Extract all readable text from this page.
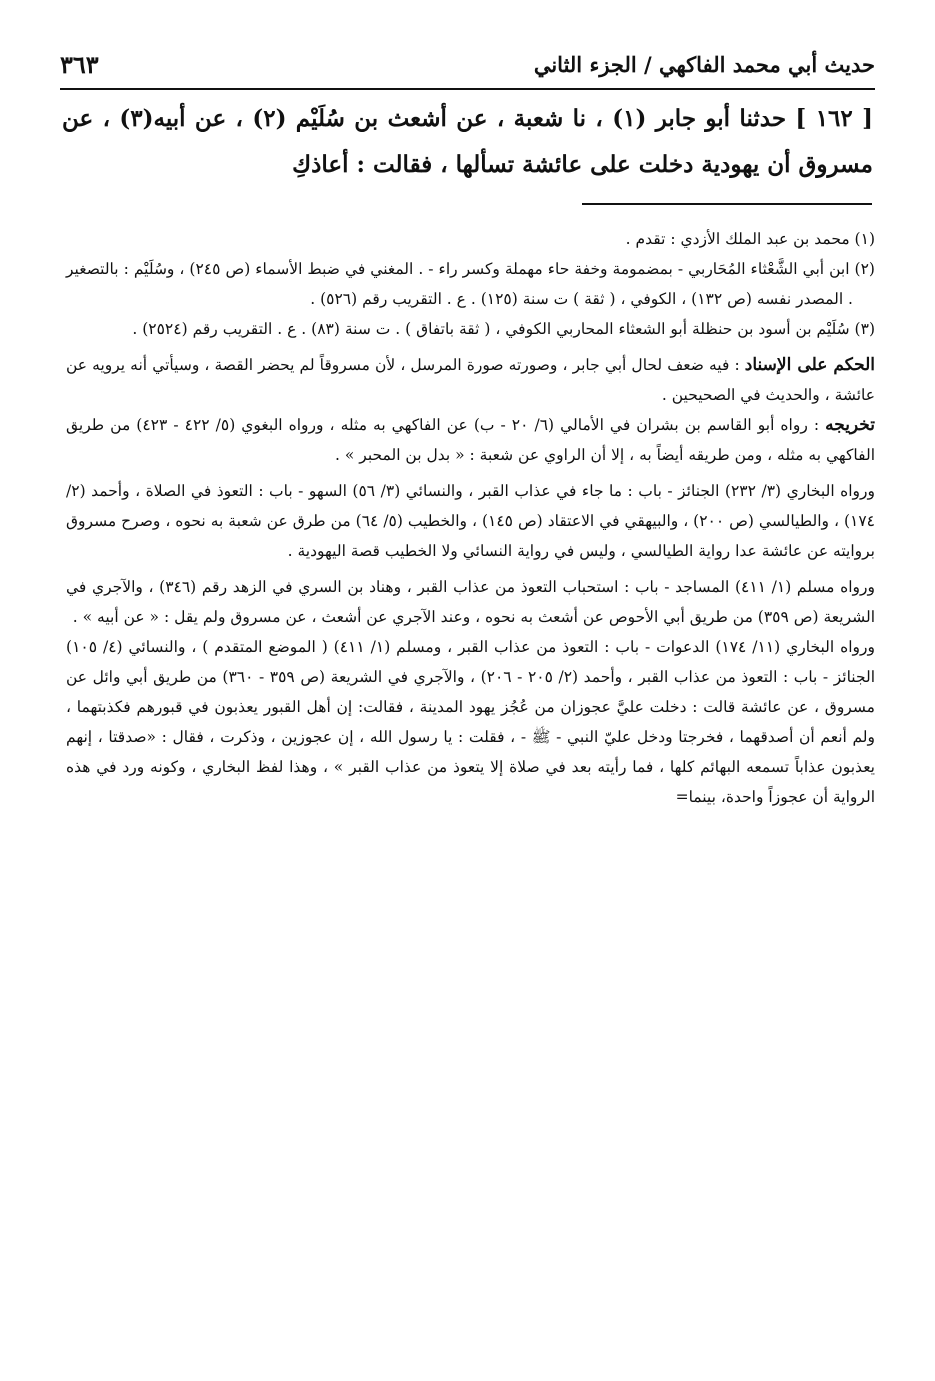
حديث أبي محمد الفاكهي / الجزء الثاني
٣٦٣

[ ١٦٢ ] حدثنا أبو جابر (١) ، نا شعبة ، عن أشعث بن سُلَيْم (٢) ، عن أبيه(٣) ، عن مسروق أن يهودية دخلت على عائشة تسألها ، فقالت : أعاذكِ

(١) محمد بن عبد الملك الأزدي : تقدم .

(٢) ابن أبي الشَّعْثاء المُحَاربي - بمضمومة وخفة حاء مهملة وكسر راء - . المغني في ضبط الأسماء (ص ٢٤٥) ، وسُلَيْم : بالتصغير . المصدر نفسه (ص ١٣٢) ، الكوفي ، ( ثقة ) ت سنة (١٢٥) . ع . التقريب رقم (٥٢٦) .

(٣) سُلَيْم بن أسود بن حنظلة أبو الشعثاء المحاربي الكوفي ، ( ثقة باتفاق ) . ت سنة (٨٣) . ع . التقريب رقم (٢٥٢٤) .

الحكم على الإسناد : فيه ضعف لحال أبي جابر ، وصورته صورة المرسل ، لأن مسروقاً لم يحضر القصة ، وسيأتي أنه يرويه عن عائشة ، والحديث في الصحيحين .

تخريجه : رواه أبو القاسم بن بشران في الأمالي (٦/ ٢٠ - ب) عن الفاكهي به مثله ، ورواه البغوي (٥/ ٤٢٢ - ٤٢٣) من طريق الفاكهي به مثله ، ومن طريقه أيضاً به ، إلا أن الراوي عن شعبة : « بدل بن المحبر » .

ورواه البخاري (٣/ ٢٣٢) الجنائز - باب : ما جاء في عذاب القبر ، والنسائي (٣/ ٥٦) السهو - باب : التعوذ في الصلاة ، وأحمد (٢/ ١٧٤) ، والطيالسي (ص ٢٠٠) ، والبيهقي في الاعتقاد (ص ١٤٥) ، والخطيب (٥/ ٦٤) من طرق عن شعبة به نحوه ، وصرح مسروق بروايته عن عائشة عدا رواية الطيالسي ، وليس في رواية النسائي ولا الخطيب قصة اليهودية .

ورواه مسلم (١/ ٤١١) المساجد - باب : استحباب التعوذ من عذاب القبر ، وهناد بن السري في الزهد رقم (٣٤٦) ، والآجري في الشريعة (ص ٣٥٩) من طريق أبي الأحوص عن أشعث به نحوه ، وعند الآجري عن أشعث ، عن مسروق ولم يقل : « عن أبيه » .

ورواه البخاري (١١/ ١٧٤) الدعوات - باب : التعوذ من عذاب القبر ، ومسلم (١/ ٤١١) ( الموضع المتقدم ) ، والنسائي (٤/ ١٠٥) الجنائز - باب : التعوذ من عذاب القبر ، وأحمد (٢/ ٢٠٥ - ٢٠٦) ، والآجري في الشريعة (ص ٣٥٩ - ٣٦٠) من طريق أبي وائل عن مسروق ، عن عائشة قالت : دخلت عليَّ عجوزان من عُجُز يهود المدينة ، فقالت: إن أهل القبور يعذبون في قبورهم فكذبتهما ، ولم أنعم أن أصدقهما ، فخرجتا ودخل عليّ النبي - ﷺ - ، فقلت : يا رسول الله ، إن عجوزين ، وذكرت ، فقال : «صدقتا ، إنهم يعذبون عذاباً تسمعه البهائم كلها ، فما رأيته بعد في صلاة إلا يتعوذ من عذاب القبر » ، وهذا لفظ البخاري ، وكونه ورد في هذه الرواية أن عجوزاً واحدة، بينما=
